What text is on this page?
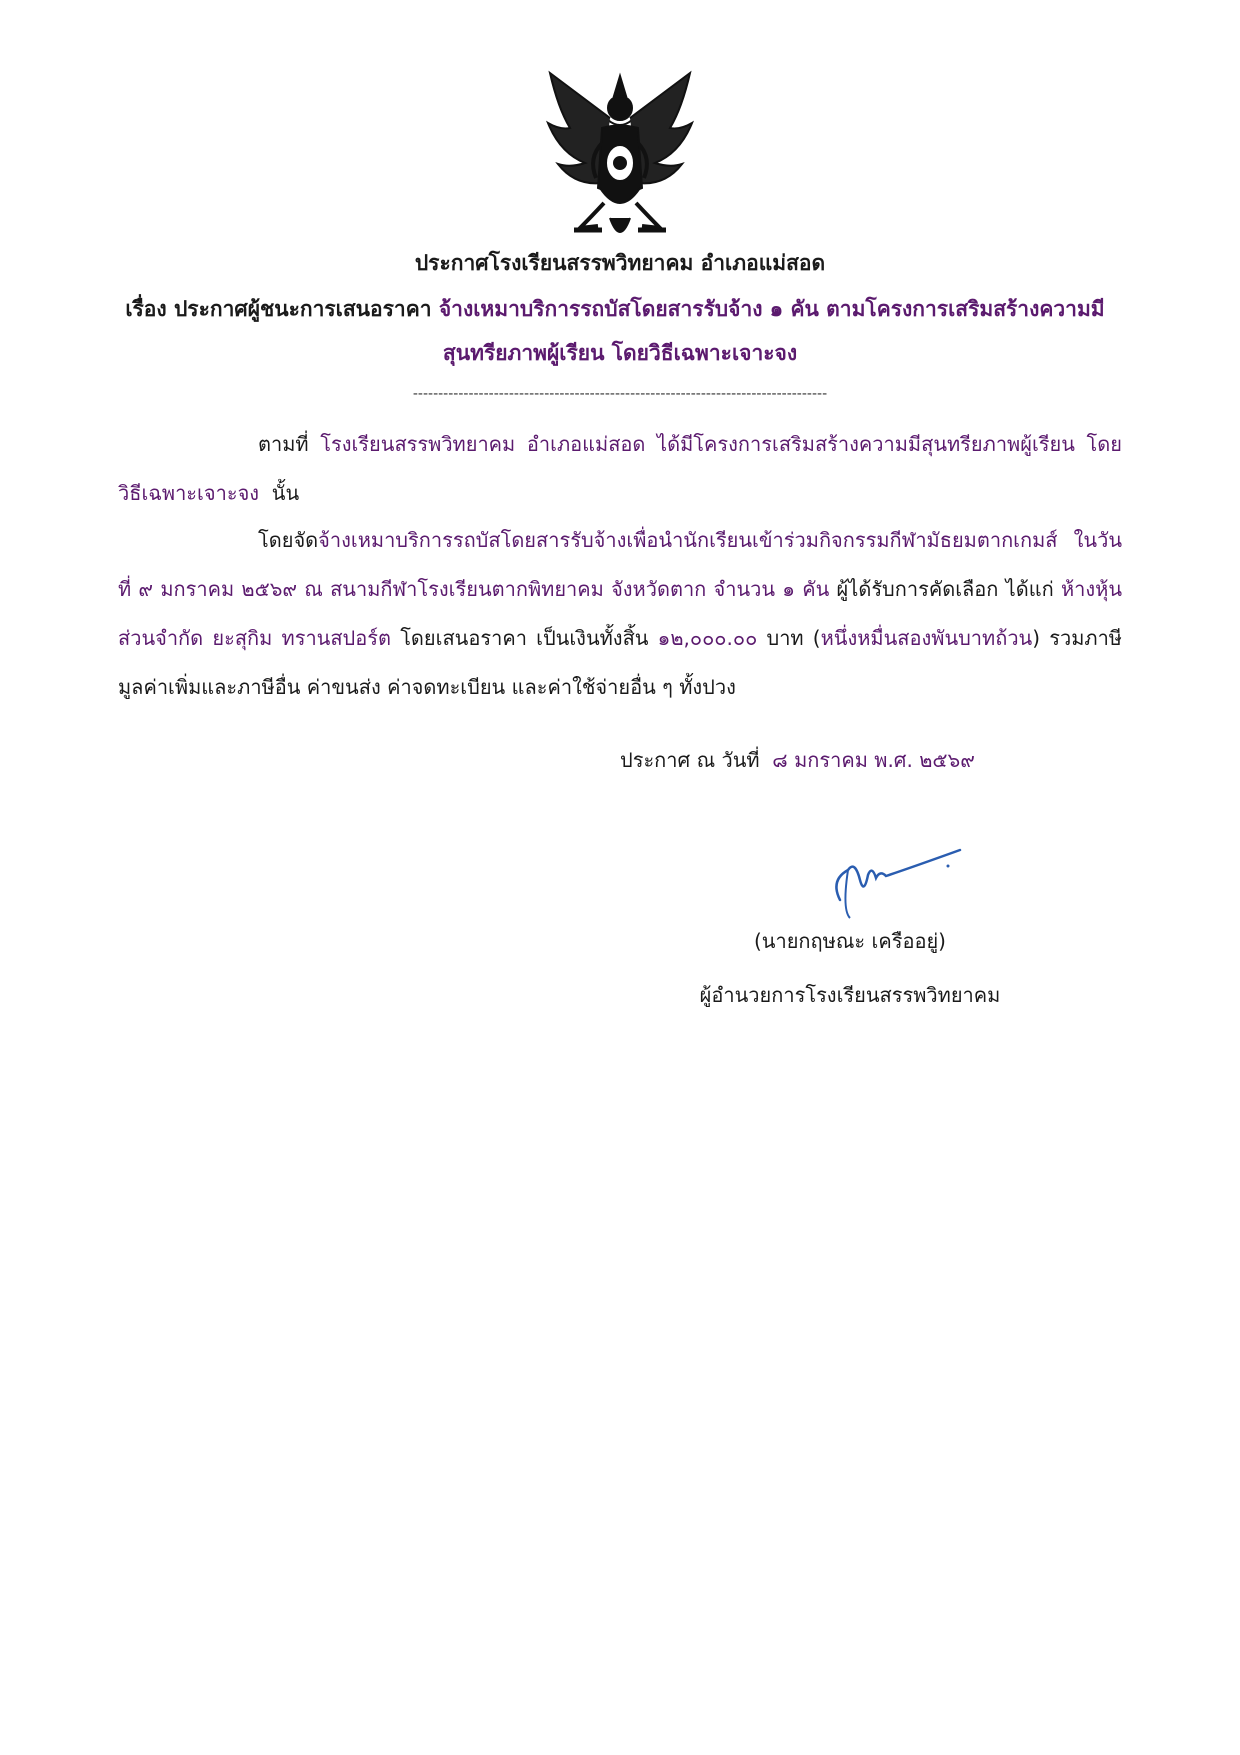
ประกาศโรงเรียนสรรพวิทยาคม อำเภอแม่สอด
เรื่อง ประกาศผู้ชนะการเสนอราคา จ้างเหมาบริการรถบัสโดยสารรับจ้าง ๑ คัน ตามโครงการเสริมสร้างความมี
สุนทรียภาพผู้เรียน โดยวิธีเฉพาะเจาะจง
----------------------------------------------------------------------------------
ตามที่ โรงเรียนสรรพวิทยาคม อำเภอแม่สอด ได้มีโครงการเสริมสร้างความมีสุนทรียภาพผู้เรียน โดยวิธีเฉพาะเจาะจง นั้น
โดยจัดจ้างเหมาบริการรถบัสโดยสารรับจ้างเพื่อนำนักเรียนเข้าร่วมกิจกรรมกีฬามัธยมตากเกมส์ ในวันที่ ๙ มกราคม ๒๕๖๙ ณ สนามกีฬาโรงเรียนตากพิทยาคม จังหวัดตาก จำนวน ๑ คัน ผู้ได้รับการคัดเลือก ได้แก่ ห้างหุ้นส่วนจำกัด ยะสุกิม ทรานสปอร์ต โดยเสนอราคา เป็นเงินทั้งสิ้น ๑๒,๐๐๐.๐๐ บาท (หนึ่งหมื่นสองพันบาทถ้วน) รวมภาษีมูลค่าเพิ่มและภาษีอื่น ค่าขนส่ง ค่าจดทะเบียน และค่าใช้จ่ายอื่น ๆ ทั้งปวง
ประกาศ ณ วันที่ ๘ มกราคม พ.ศ. ๒๕๖๙
(นายกฤษณะ เครืออยู่)
ผู้อำนวยการโรงเรียนสรรพวิทยาคม
